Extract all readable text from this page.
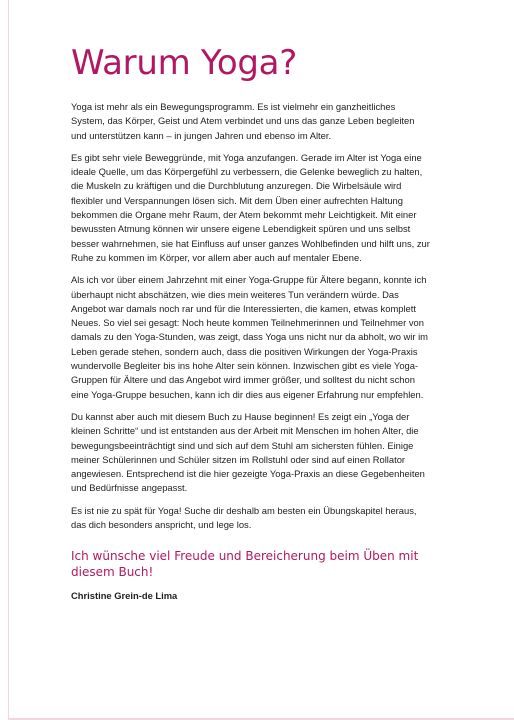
Warum Yoga?

Yoga ist mehr als ein Bewegungsprogramm. Es ist vielmehr ein ganzheitliches System, das Körper, Geist und Atem verbindet und uns das ganze Leben begleiten und unterstützen kann – in jungen Jahren und ebenso im Alter.

Es gibt sehr viele Beweggründe, mit Yoga anzufangen. Gerade im Alter ist Yoga eine ideale Quelle, um das Körpergefühl zu verbessern, die Gelenke beweglich zu halten, die Muskeln zu kräftigen und die Durchblutung anzuregen. Die Wirbelsäule wird flexibler und Verspannungen lösen sich. Mit dem Üben einer aufrechten Haltung bekommen die Organe mehr Raum, der Atem bekommt mehr Leichtigkeit. Mit einer bewussten Atmung können wir unsere eigene Lebendigkeit spüren und uns selbst besser wahrnehmen, sie hat Einfluss auf unser ganzes Wohlbefinden und hilft uns, zur Ruhe zu kommen im Körper, vor allem aber auch auf mentaler Ebene.

Als ich vor über einem Jahrzehnt mit einer Yoga-Gruppe für Ältere begann, konnte ich überhaupt nicht abschätzen, wie dies mein weiteres Tun verändern würde. Das Angebot war damals noch rar und für die Interessierten, die kamen, etwas komplett Neues. So viel sei gesagt: Noch heute kommen Teilnehmerinnen und Teilnehmer von damals zu den Yoga-Stunden, was zeigt, dass Yoga uns nicht nur da abholt, wo wir im Leben gerade stehen, sondern auch, dass die positiven Wirkungen der Yoga-Praxis wundervolle Begleiter bis ins hohe Alter sein können. Inzwischen gibt es viele Yoga-Gruppen für Ältere und das Angebot wird immer größer, und solltest du nicht schon eine Yoga-Gruppe besuchen, kann ich dir dies aus eigener Erfahrung nur empfehlen.

Du kannst aber auch mit diesem Buch zu Hause beginnen! Es zeigt ein „Yoga der kleinen Schritte“ und ist entstanden aus der Arbeit mit Menschen im hohen Alter, die bewegungsbeeinträchtigt sind und sich auf dem Stuhl am sichersten fühlen. Einige meiner Schülerinnen und Schüler sitzen im Rollstuhl oder sind auf einen Rollator angewiesen. Entsprechend ist die hier gezeigte Yoga-Praxis an diese Gegebenheiten und Bedürfnisse angepasst.

Es ist nie zu spät für Yoga! Suche dir deshalb am besten ein Übungskapitel heraus, das dich besonders anspricht, und lege los.

Ich wünsche viel Freude und Bereicherung beim Üben mit diesem Buch!

Christine Grein-de Lima
